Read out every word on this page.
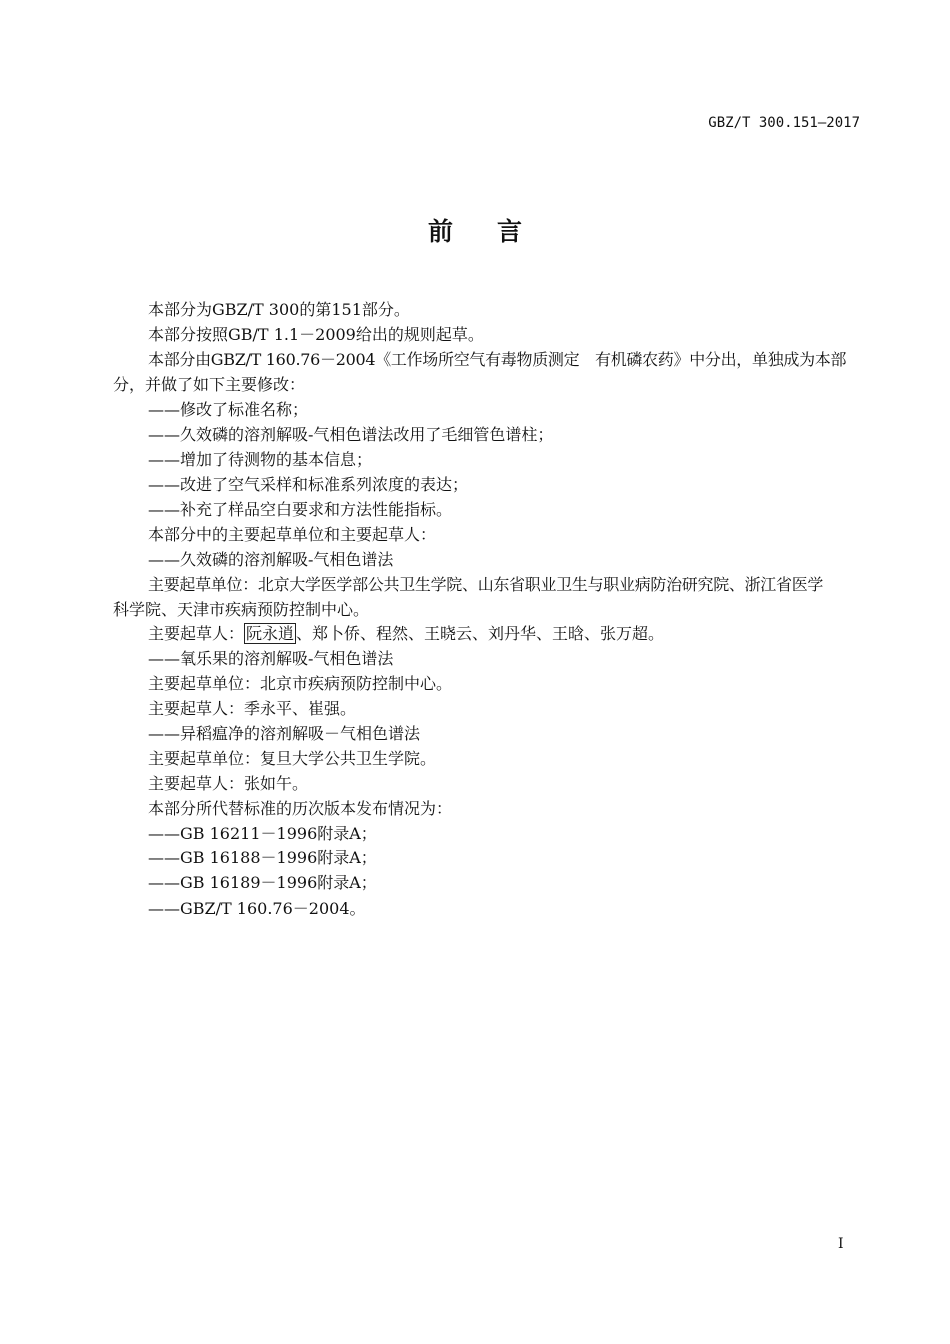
GBZ/T 300.151—2017
前 言
本部分为GBZ/T 300的第151部分。
本部分按照GB/T 1.1－2009给出的规则起草。
本部分由GBZ/T 160.76－2004《工作场所空气有毒物质测定　有机磷农药》中分出，单独成为本部
分，并做了如下主要修改：
——修改了标准名称；
——久效磷的溶剂解吸-气相色谱法改用了毛细管色谱柱；
——增加了待测物的基本信息；
——改进了空气采样和标准系列浓度的表达；
——补充了样品空白要求和方法性能指标。
本部分中的主要起草单位和主要起草人：
——久效磷的溶剂解吸-气相色谱法
主要起草单位：北京大学医学部公共卫生学院、山东省职业卫生与职业病防治研究院、浙江省医学
科学院、天津市疾病预防控制中心。
主要起草人： 阮永逍 、郑卜侨、程然、王晓云、刘丹华、王晗、张万超。
——氧乐果的溶剂解吸-气相色谱法
主要起草单位：北京市疾病预防控制中心。
主要起草人：季永平、崔强。
——异稻瘟净的溶剂解吸－气相色谱法
主要起草单位：复旦大学公共卫生学院。
主要起草人：张如午。
本部分所代替标准的历次版本发布情况为：
——GB 16211－1996附录A；
——GB 16188－1996附录A；
——GB 16189－1996附录A；
——GBZ/T 160.76－2004。
I
